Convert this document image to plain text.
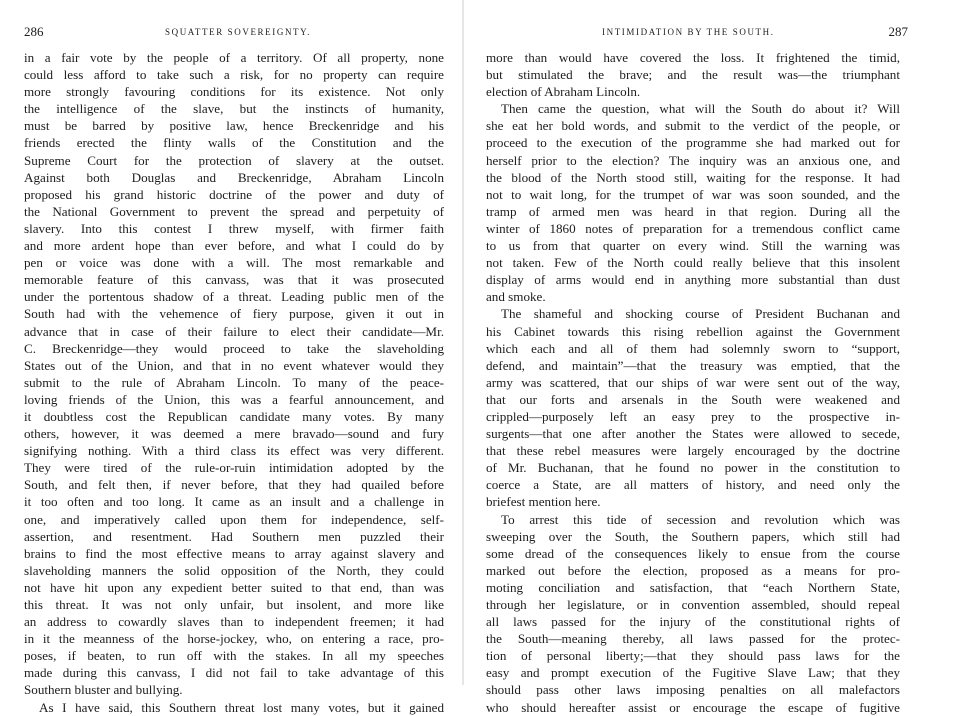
286	SQUATTER SOVEREIGNTY.
in a fair vote by the people of a territory. Of all property, none
could less afford to take such a risk, for no property can require
more strongly favouring conditions for its existence. Not only
the intelligence of the slave, but the instincts of humanity,
must be barred by positive law, hence Breckenridge and his
friends erected the flinty walls of the Constitution and the
Supreme Court for the protection of slavery at the outset.
Against both Douglas and Breckenridge, Abraham Lincoln
proposed his grand historic doctrine of the power and duty of
the National Government to prevent the spread and perpetuity of
slavery. Into this contest I threw myself, with firmer faith
and more ardent hope than ever before, and what I could do by
pen or voice was done with a will. The most remarkable and
memorable feature of this canvass, was that it was prosecuted
under the portentous shadow of a threat. Leading public men of the
South had with the vehemence of fiery purpose, given it out in
advance that in case of their failure to elect their candidate—Mr.
C. Breckenridge—they would proceed to take the slaveholding
States out of the Union, and that in no event whatever would they
submit to the rule of Abraham Lincoln. To many of the peace-
loving friends of the Union, this was a fearful announcement, and
it doubtless cost the Republican candidate many votes. By many
others, however, it was deemed a mere bravado—sound and fury
signifying nothing. With a third class its effect was very different.
They were tired of the rule-or-ruin intimidation adopted by the
South, and felt then, if never before, that they had quailed before
it too often and too long. It came as an insult and a challenge in
one, and imperatively called upon them for independence, self-
assertion, and resentment. Had Southern men puzzled their
brains to find the most effective means to array against slavery and
slaveholding manners the solid opposition of the North, they could
not have hit upon any expedient better suited to that end, than was
this threat. It was not only unfair, but insolent, and more like
an address to cowardly slaves than to independent freemen; it had
in it the meanness of the horse-jockey, who, on entering a race, pro-
poses, if beaten, to run off with the stakes. In all my speeches
made during this canvass, I did not fail to take advantage of this
Southern bluster and bullying.
As I have said, this Southern threat lost many votes, but it gained
INTIMIDATION BY THE SOUTH.	287
more than would have covered the loss. It frightened the timid,
but stimulated the brave; and the result was—the triumphant
election of Abraham Lincoln.
Then came the question, what will the South do about it? Will
she eat her bold words, and submit to the verdict of the people, or
proceed to the execution of the programme she had marked out for
herself prior to the election? The inquiry was an anxious one, and
the blood of the North stood still, waiting for the response. It had
not to wait long, for the trumpet of war was soon sounded, and the
tramp of armed men was heard in that region. During all the
winter of 1860 notes of preparation for a tremendous conflict came
to us from that quarter on every wind. Still the warning was
not taken. Few of the North could really believe that this insolent
display of arms would end in anything more substantial than dust
and smoke.
The shameful and shocking course of President Buchanan and
his Cabinet towards this rising rebellion against the Government
which each and all of them had solemnly sworn to “support,
defend, and maintain”—that the treasury was emptied, that the
army was scattered, that our ships of war were sent out of the way,
that our forts and arsenals in the South were weakened and
crippled—purposely left an easy prey to the prospective in-
surgents—that one after another the States were allowed to secede,
that these rebel measures were largely encouraged by the doctrine
of Mr. Buchanan, that he found no power in the constitution to
coerce a State, are all matters of history, and need only the
briefest mention here.
To arrest this tide of secession and revolution which was
sweeping over the South, the Southern papers, which still had
some dread of the consequences likely to ensue from the course
marked out before the election, proposed as a means for pro-
moting conciliation and satisfaction, that “each Northern State,
through her legislature, or in convention assembled, should repeal
all laws passed for the injury of the constitutional rights of
the South—meaning thereby, all laws passed for the protec-
tion of personal liberty;—that they should pass laws for the
easy and prompt execution of the Fugitive Slave Law; that they
should pass other laws imposing penalties on all malefactors
who should hereafter assist or encourage the escape of fugitive
